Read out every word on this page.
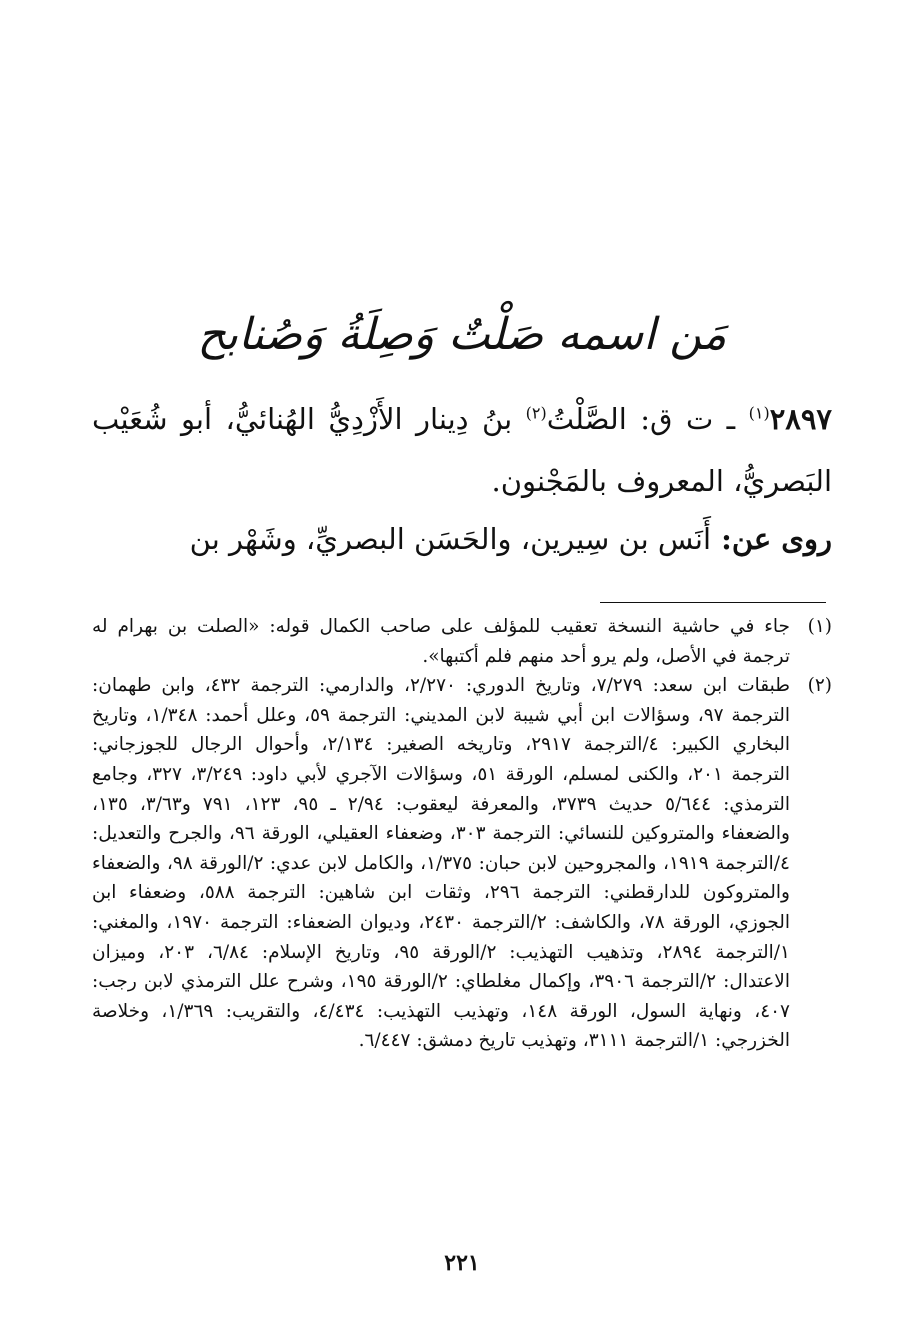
مَن اسمه صَلْتٌ وَصِلَةُ وَصُنابح

٢٨٩٧$^{(١)}$ ـ ت ق: الصَّلْتُ$^{(٢)}$ بنُ دِينار الأَزْدِيُّ الهُنائيُّ، أبو شُعَيْب البَصريُّ، المعروف بالمَجْنون.

روى عن: أَنَس بن سِيرين، والحَسَن البصريِّ، وشَهْر بن

(١)
جاء في حاشية النسخة تعقيب للمؤلف على صاحب الكمال قوله: «الصلت بن بهرام له ترجمة في الأصل، ولم يرو أحد منهم فلم أكتبها».
(٢)
طبقات ابن سعد: ٧/٢٧٩، وتاريخ الدوري: ٢/٢٧٠، والدارمي: الترجمة ٤٣٢، وابن طهمان: الترجمة ٩٧، وسؤالات ابن أبي شيبة لابن المديني: الترجمة ٥٩، وعلل أحمد: ١/٣٤٨، وتاريخ البخاري الكبير: ٤/الترجمة ٢٩١٧، وتاريخه الصغير: ٢/١٣٤، وأحوال الرجال للجوزجاني: الترجمة ٢٠١، والكنى لمسلم، الورقة ٥١، وسؤالات الآجري لأبي داود: ٣/٢٤٩، ٣٢٧، وجامع الترمذي: ٥/٦٤٤ حديث ٣٧٣٩، والمعرفة ليعقوب: ٢/٩٤ ـ ٩٥، ١٢٣، ٧٩١ و٣/٦٣، ١٣٥، والضعفاء والمتروكين للنسائي: الترجمة ٣٠٣، وضعفاء العقيلي، الورقة ٩٦، والجرح والتعديل: ٤/الترجمة ١٩١٩، والمجروحين لابن حبان: ١/٣٧٥، والكامل لابن عدي: ٢/الورقة ٩٨، والضعفاء والمتروكون للدارقطني: الترجمة ٢٩٦، وثقات ابن شاهين: الترجمة ٥٨٨، وضعفاء ابن الجوزي، الورقة ٧٨، والكاشف: ٢/الترجمة ٢٤٣٠، وديوان الضعفاء: الترجمة ١٩٧٠، والمغني: ١/الترجمة ٢٨٩٤، وتذهيب التهذيب: ٢/الورقة ٩٥، وتاريخ الإسلام: ٦/٨٤، ٢٠٣، وميزان الاعتدال: ٢/الترجمة ٣٩٠٦، وإكمال مغلطاي: ٢/الورقة ١٩٥، وشرح علل الترمذي لابن رجب: ٤٠٧، ونهاية السول، الورقة ١٤٨، وتهذيب التهذيب: ٤/٤٣٤، والتقريب: ١/٣٦٩، وخلاصة الخزرجي: ١/الترجمة ٣١١١، وتهذيب تاريخ دمشق: ٦/٤٤٧.
٢٢١
